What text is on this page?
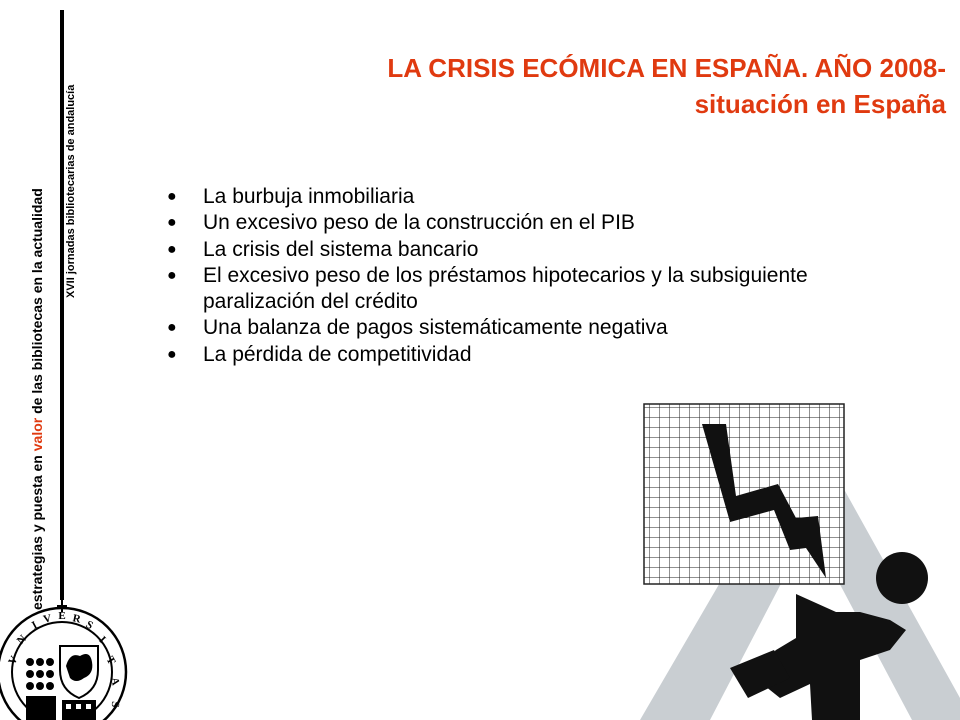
estrategias y puesta en valor de las bibliotecas en la actualidad XVII jornadas bibliotecarias de andalucía
LA CRISIS ECÓMICA EN ESPAÑA. AÑO 2008-
situación en España
● La burbuja inmobiliaria
● Un excesivo peso de la construcción en el PIB
● La crisis del sistema bancario
● El excesivo peso de los préstamos hipotecarios y la subsiguiente paralización del crédito
● Una balanza de pagos sistemáticamente negativa
● La pérdida de competitividad
V
N
I V E R S
I
T
A
S
